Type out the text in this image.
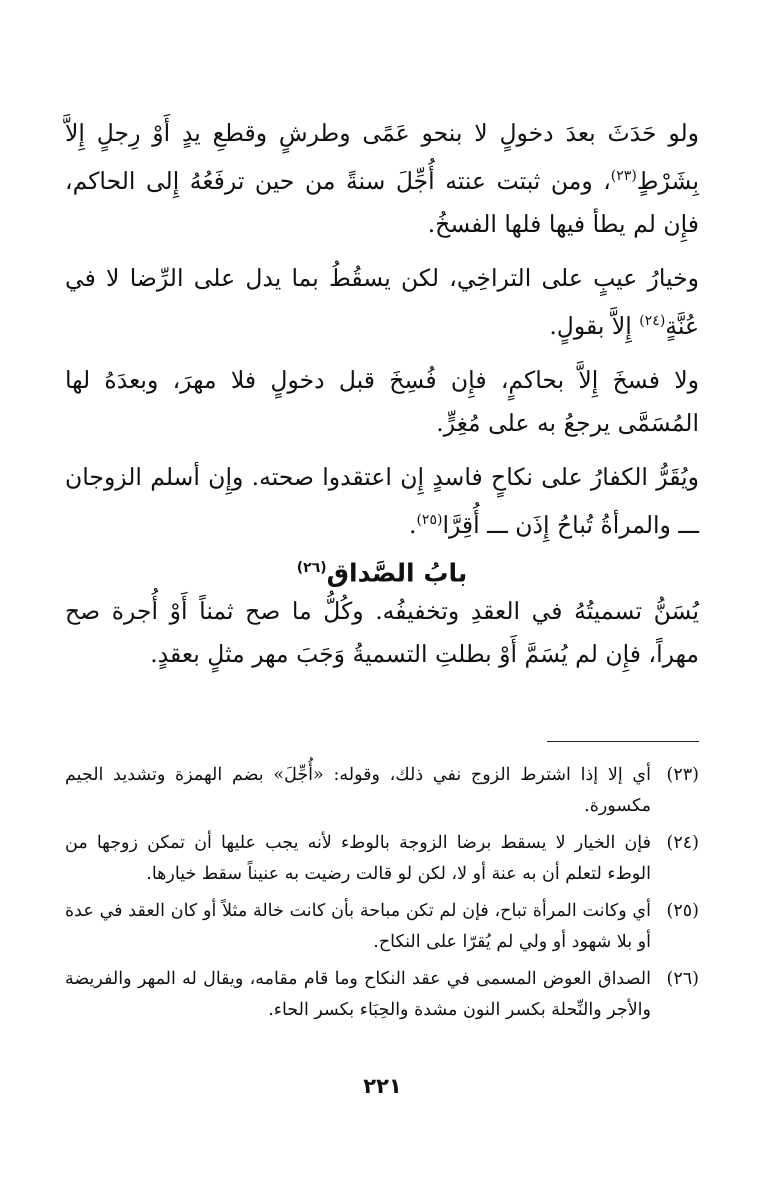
ولو حَدَثَ بعدَ دخولٍ لا بنحو عَمًى وطرشٍ وقطعِ يدٍ أَوْ رِجلٍ إِلاَّ بِشَرْطٍ$^{(٢٣)}$، ومن ثبتت عنته أُجِّلَ سنةً من حين ترفَعُهُ إِلى الحاكم، فإِن لم يطأ فيها فلها الفسخُ.

وخيارُ عيبٍ على التراخِي، لكن يسقُطُ بما يدل على الرِّضا لا في عُنَّةٍ$^{(٢٤)}$ إِلاَّ بقولٍ.

ولا فسخَ إِلاَّ بحاكمٍ، فإِن فُسِخَ قبل دخولٍ فلا مهرَ، وبعدَهُ لها المُسَمَّى يرجعُ به على مُغِرٍّ.

ويُقَرُّ الكفارُ على نكاحٍ فاسدٍ إِن اعتقدوا صحته. وإِن أسلم الزوجان ـــ والمرأةُ تُباحُ إِذَن ـــ أُقِرَّا$^{(٢٥)}$.

بابُ الصَّداق$^{(٢٦)}$

يُسَنُّ تسميتُهُ في العقدِ وتخفيفُه. وكُلُّ ما صح ثمناً أَوْ أُجرة صح مهراً، فإِن لم يُسَمَّ أَوْ بطلتِ التسميةُ وَجَبَ مهر مثلٍ بعقدٍ.

(٢٣)
أي إلا إذا اشترط الزوج نفي ذلك، وقوله: «أُجِّلَ» بضم الهمزة وتشديد الجيم مكسورة.
(٢٤)
فإن الخيار لا يسقط برضا الزوجة بالوطء لأنه يجب عليها أن تمكن زوجها من الوطء لتعلم أن به عنة أو لا، لكن لو قالت رضيت به عنيناً سقط خيارها.
(٢٥)
أي وكانت المرأة تباح، فإن لم تكن مباحة بأن كانت خالة مثلاً أو كان العقد في عدة أو بلا شهود أو ولي لم يُقرّا على النكاح.
(٢٦)
الصداق العوض المسمى في عقد النكاح وما قام مقامه، ويقال له المهر والفريضة والأجر والنِّحلة بكسر النون مشدة والحِبَاء بكسر الحاء.
٢٢١
